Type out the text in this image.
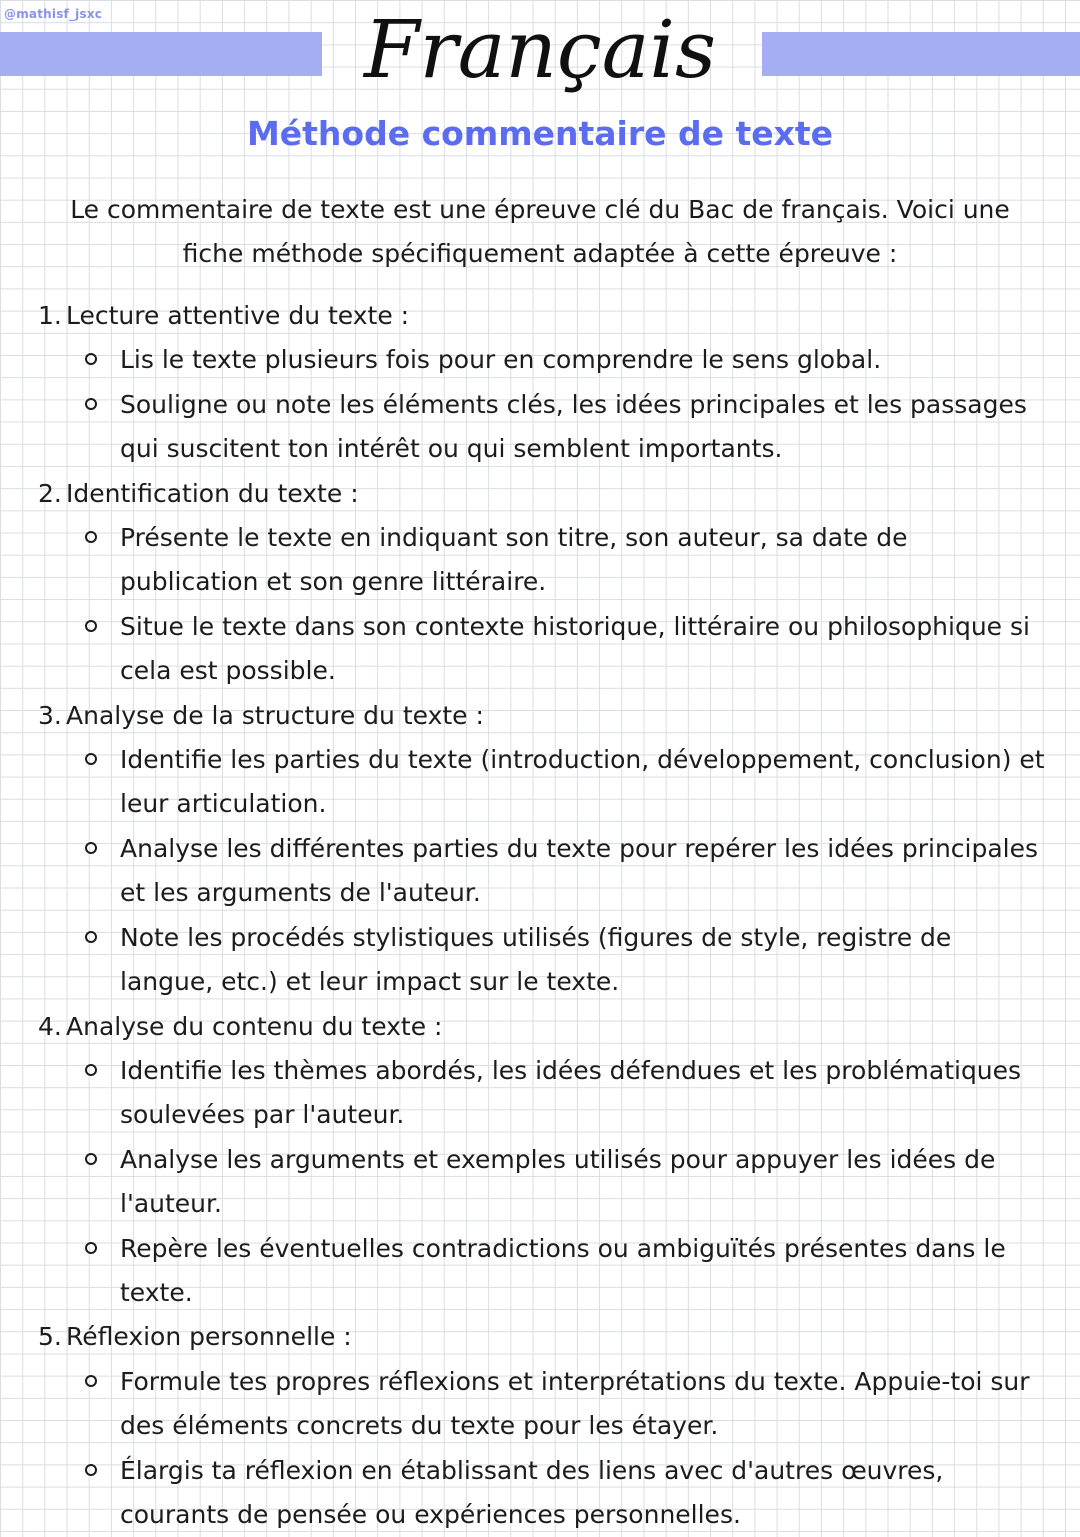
@mathisf_jsxc	Français
Méthode commentaire de texte
Le commentaire de texte est une épreuve clé du Bac de français. Voici une fiche méthode spécifiquement adaptée à cette épreuve :

1. Lecture attentive du texte :

Lis le texte plusieurs fois pour en comprendre le sens global.
Souligne ou note les éléments clés, les idées principales et les passages qui suscitent ton intérêt ou qui semblent importants.

2. Identification du texte :

Présente le texte en indiquant son titre, son auteur, sa date de publication et son genre littéraire.
Situe le texte dans son contexte historique, littéraire ou philosophique si cela est possible.

3. Analyse de la structure du texte :

Identifie les parties du texte (introduction, développement, conclusion) et leur articulation.
Analyse les différentes parties du texte pour repérer les idées principales et les arguments de l'auteur.
Note les procédés stylistiques utilisés (figures de style, registre de langue, etc.) et leur impact sur le texte.

4. Analyse du contenu du texte :

Identifie les thèmes abordés, les idées défendues et les problématiques soulevées par l'auteur.
Analyse les arguments et exemples utilisés pour appuyer les idées de l'auteur.
Repère les éventuelles contradictions ou ambiguïtés présentes dans le texte.

5. Réflexion personnelle :

Formule tes propres réflexions et interprétations du texte. Appuie-toi sur des éléments concrets du texte pour les étayer.
Élargis ta réflexion en établissant des liens avec d'autres œuvres, courants de pensée ou expériences personnelles.
